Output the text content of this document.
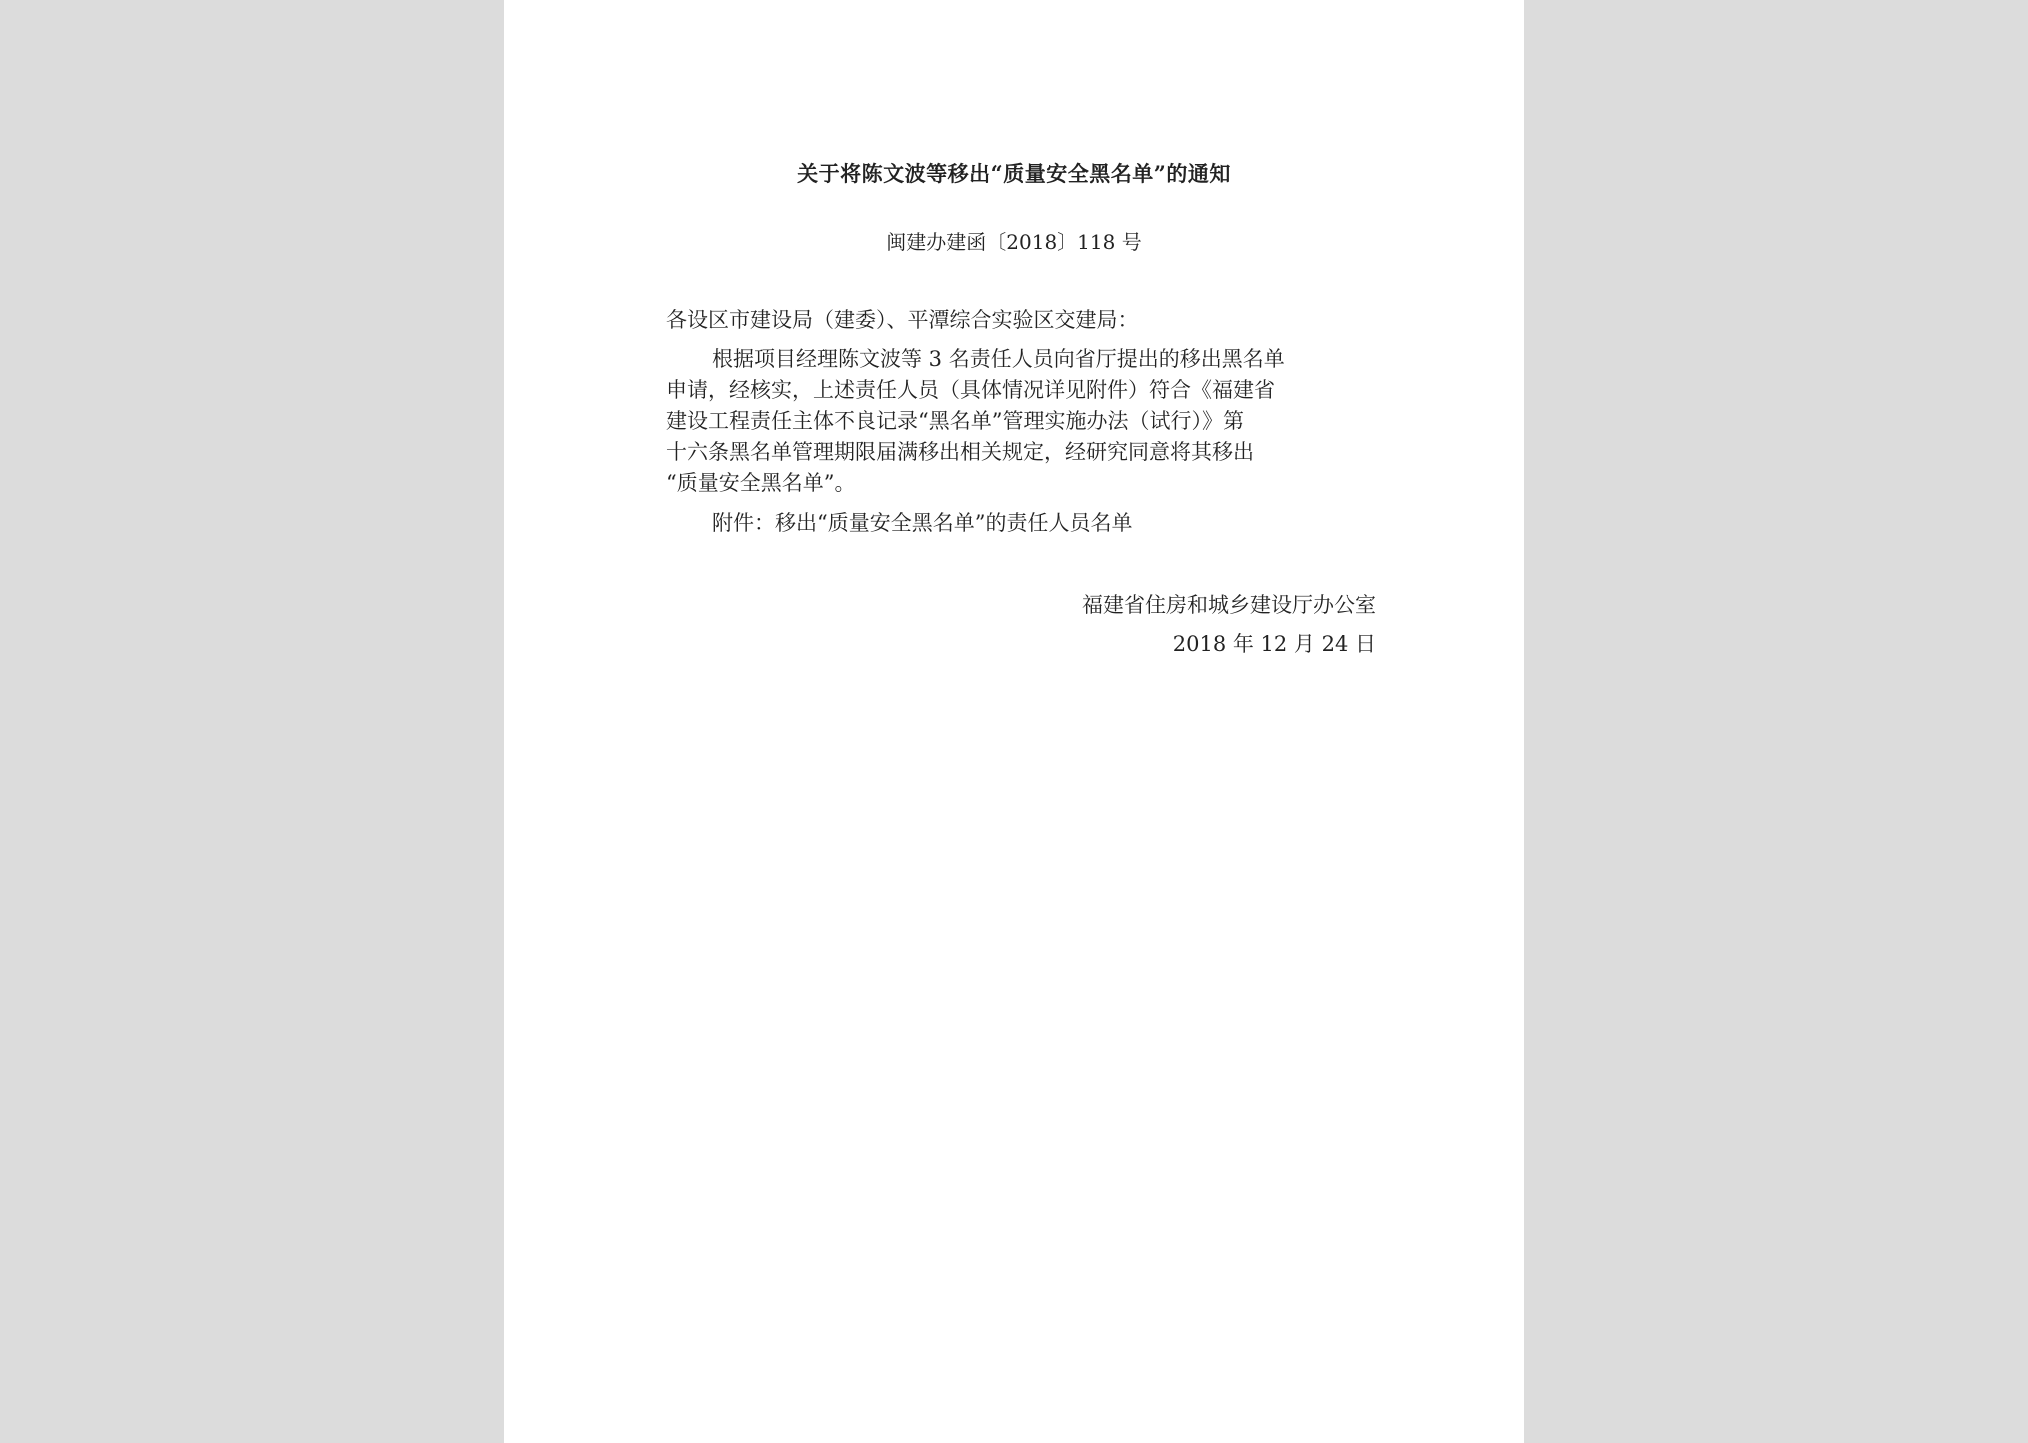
关于将陈文波等移出“质量安全黑名单”的通知
闽建办建函〔2018〕118 号
各设区市建设局（建委）、平潭综合实验区交建局：
根据项目经理陈文波等 3 名责任人员向省厅提出的移出黑名单
申请，经核实，上述责任人员（具体情况详见附件）符合《福建省
建设工程责任主体不良记录“黑名单”管理实施办法（试行）》第
十六条黑名单管理期限届满移出相关规定，经研究同意将其移出
“质量安全黑名单”。
附件：移出“质量安全黑名单”的责任人员名单
福建省住房和城乡建设厅办公室
2018 年 12 月 24 日
